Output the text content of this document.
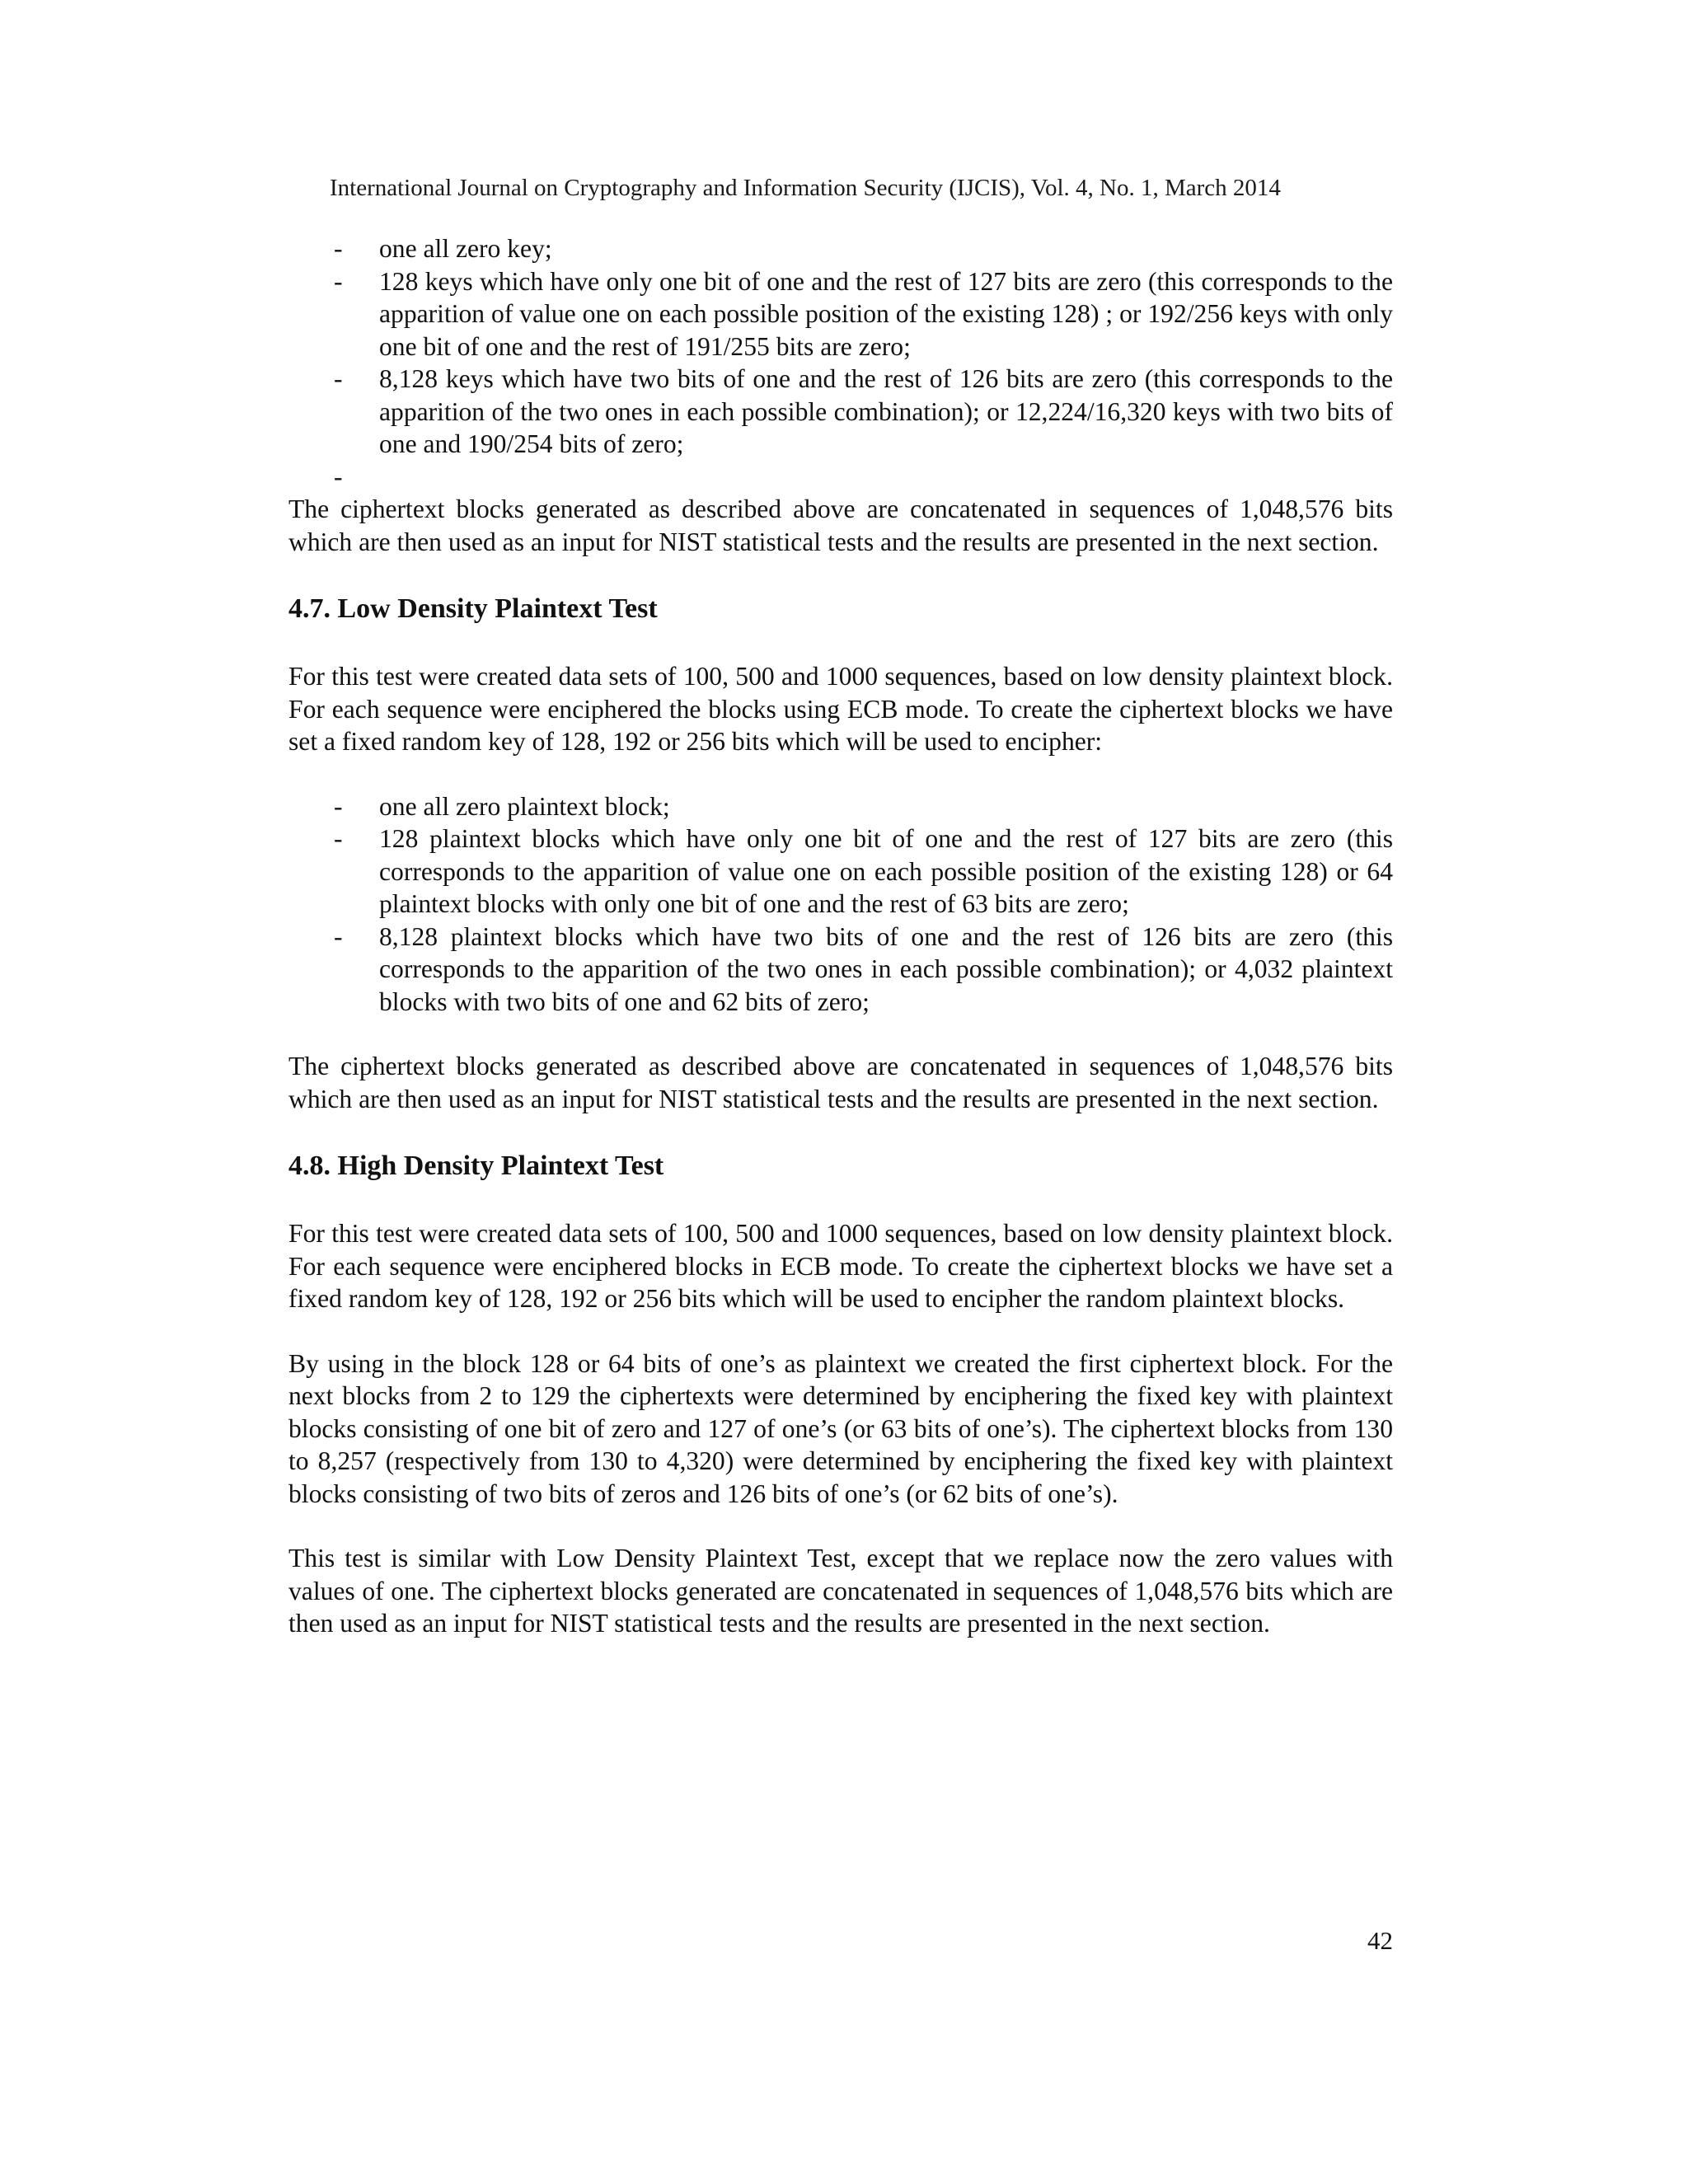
International Journal on Cryptography and Information Security (IJCIS), Vol. 4, No. 1, March 2014
- one all zero key;
- 128 keys which have only one bit of one and the rest of 127 bits are zero (this corresponds to the apparition of value one on each possible position of the existing 128) ; or 192/256 keys with only one bit of one and the rest of 191/255 bits are zero;
- 8,128 keys which have two bits of one and the rest of 126 bits are zero (this corresponds to the apparition of the two ones in each possible combination); or 12,224/16,320 keys with two bits of one and 190/254 bits of zero;
-

The ciphertext blocks generated as described above are concatenated in sequences of 1,048,576 bits which are then used as an input for NIST statistical tests and the results are presented in the next section.

4.7. Low Density Plaintext Test

For this test were created data sets of 100, 500 and 1000 sequences, based on low density plaintext block. For each sequence were enciphered the blocks using ECB mode. To create the ciphertext blocks we have set a fixed random key of 128, 192 or 256 bits which will be used to encipher:

- one all zero plaintext block;
- 128 plaintext blocks which have only one bit of one and the rest of 127 bits are zero (this corresponds to the apparition of value one on each possible position of the existing 128) or 64 plaintext blocks with only one bit of one and the rest of 63 bits are zero;
- 8,128 plaintext blocks which have two bits of one and the rest of 126 bits are zero (this corresponds to the apparition of the two ones in each possible combination); or 4,032 plaintext blocks with two bits of one and 62 bits of zero;

The ciphertext blocks generated as described above are concatenated in sequences of 1,048,576 bits which are then used as an input for NIST statistical tests and the results are presented in the next section.

4.8. High Density Plaintext Test

For this test were created data sets of 100, 500 and 1000 sequences, based on low density plaintext block. For each sequence were enciphered blocks in ECB mode. To create the ciphertext blocks we have set a fixed random key of 128, 192 or 256 bits which will be used to encipher the random plaintext blocks.

By using in the block 128 or 64 bits of one’s as plaintext we created the first ciphertext block. For the next blocks from 2 to 129 the ciphertexts were determined by enciphering the fixed key with plaintext blocks consisting of one bit of zero and 127 of one’s (or 63 bits of one’s). The ciphertext blocks from 130 to 8,257 (respectively from 130 to 4,320) were determined by enciphering the fixed key with plaintext blocks consisting of two bits of zeros and 126 bits of one’s (or 62 bits of one’s).

This test is similar with Low Density Plaintext Test, except that we replace now the zero values with values of one. The ciphertext blocks generated are concatenated in sequences of 1,048,576 bits which are then used as an input for NIST statistical tests and the results are presented in the next section.

42
